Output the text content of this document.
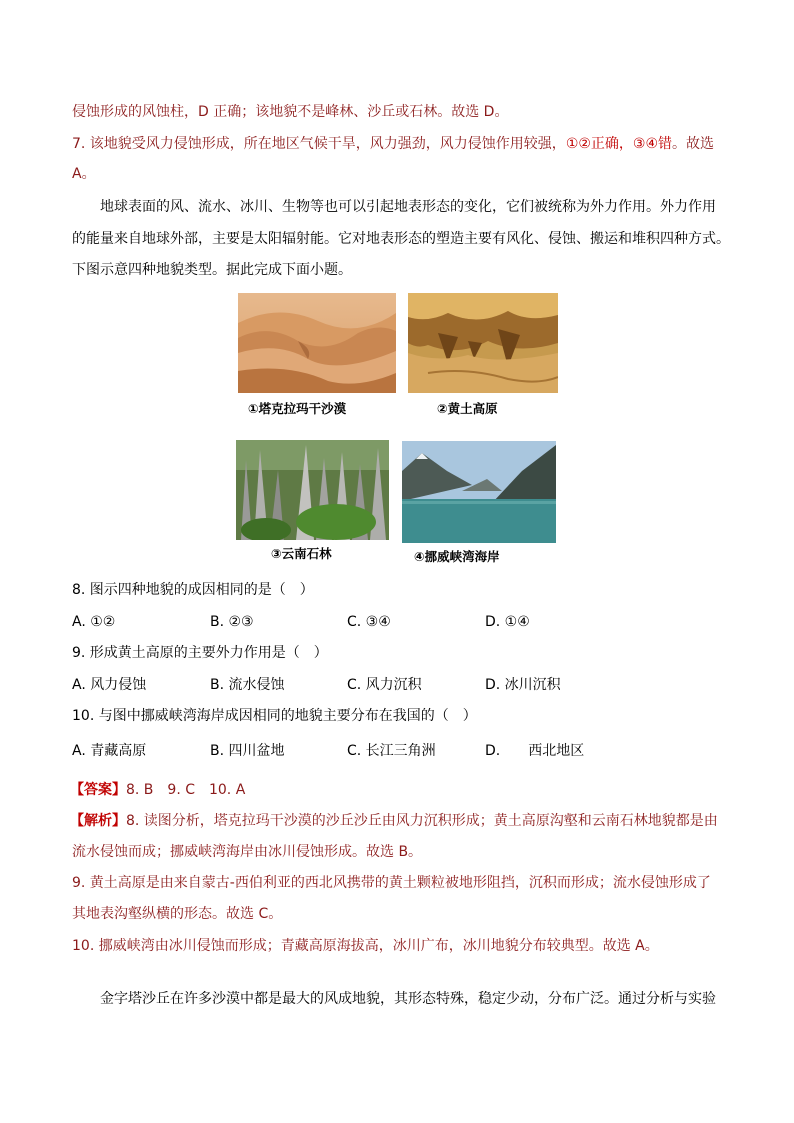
侵蚀形成的风蚀柱，D 正确；该地貌不是峰林、沙丘或石林。故选 D。
7. 该地貌受风力侵蚀形成，所在地区气候干旱，风力强劲，风力侵蚀作用较强，①②正确，③④错。故选
A。
地球表面的风、流水、冰川、生物等也可以引起地表形态的变化，它们被统称为外力作用。外力作用
的能量来自地球外部，主要是太阳辐射能。它对地表形态的塑造主要有风化、侵蚀、搬运和堆积四种方式。
下图示意四种地貌类型。据此完成下面小题。
①塔克拉玛干沙漠	②黄土高原
③云南石林	④挪威峡湾海岸
8. 图示四种地貌的成因相同的是（　）
A. ①②	B. ②③	C. ③④	D. ①④
9. 形成黄土高原的主要外力作用是（　）
A. 风力侵蚀	B. 流水侵蚀	C. 风力沉积	D. 冰川沉积
10. 与图中挪威峡湾海岸成因相同的地貌主要分布在我国的（　）
A. 青藏高原	B. 四川盆地	C. 长江三角洲	D.　　西北地区
【答案】8. B　9. C　10. A
【解析】8. 读图分析，塔克拉玛干沙漠的沙丘沙丘由风力沉积形成；黄土高原沟壑和云南石林地貌都是由
流水侵蚀而成；挪威峡湾海岸由冰川侵蚀形成。故选 B。
9. 黄土高原是由来自蒙古-西伯利亚的西北风携带的黄土颗粒被地形阻挡，沉积而形成；流水侵蚀形成了
其地表沟壑纵横的形态。故选 C。
10. 挪威峡湾由冰川侵蚀而形成；青藏高原海拔高，冰川广布，冰川地貌分布较典型。故选 A。
金字塔沙丘在许多沙漠中都是最大的风成地貌，其形态特殊，稳定少动，分布广泛。通过分析与实验
